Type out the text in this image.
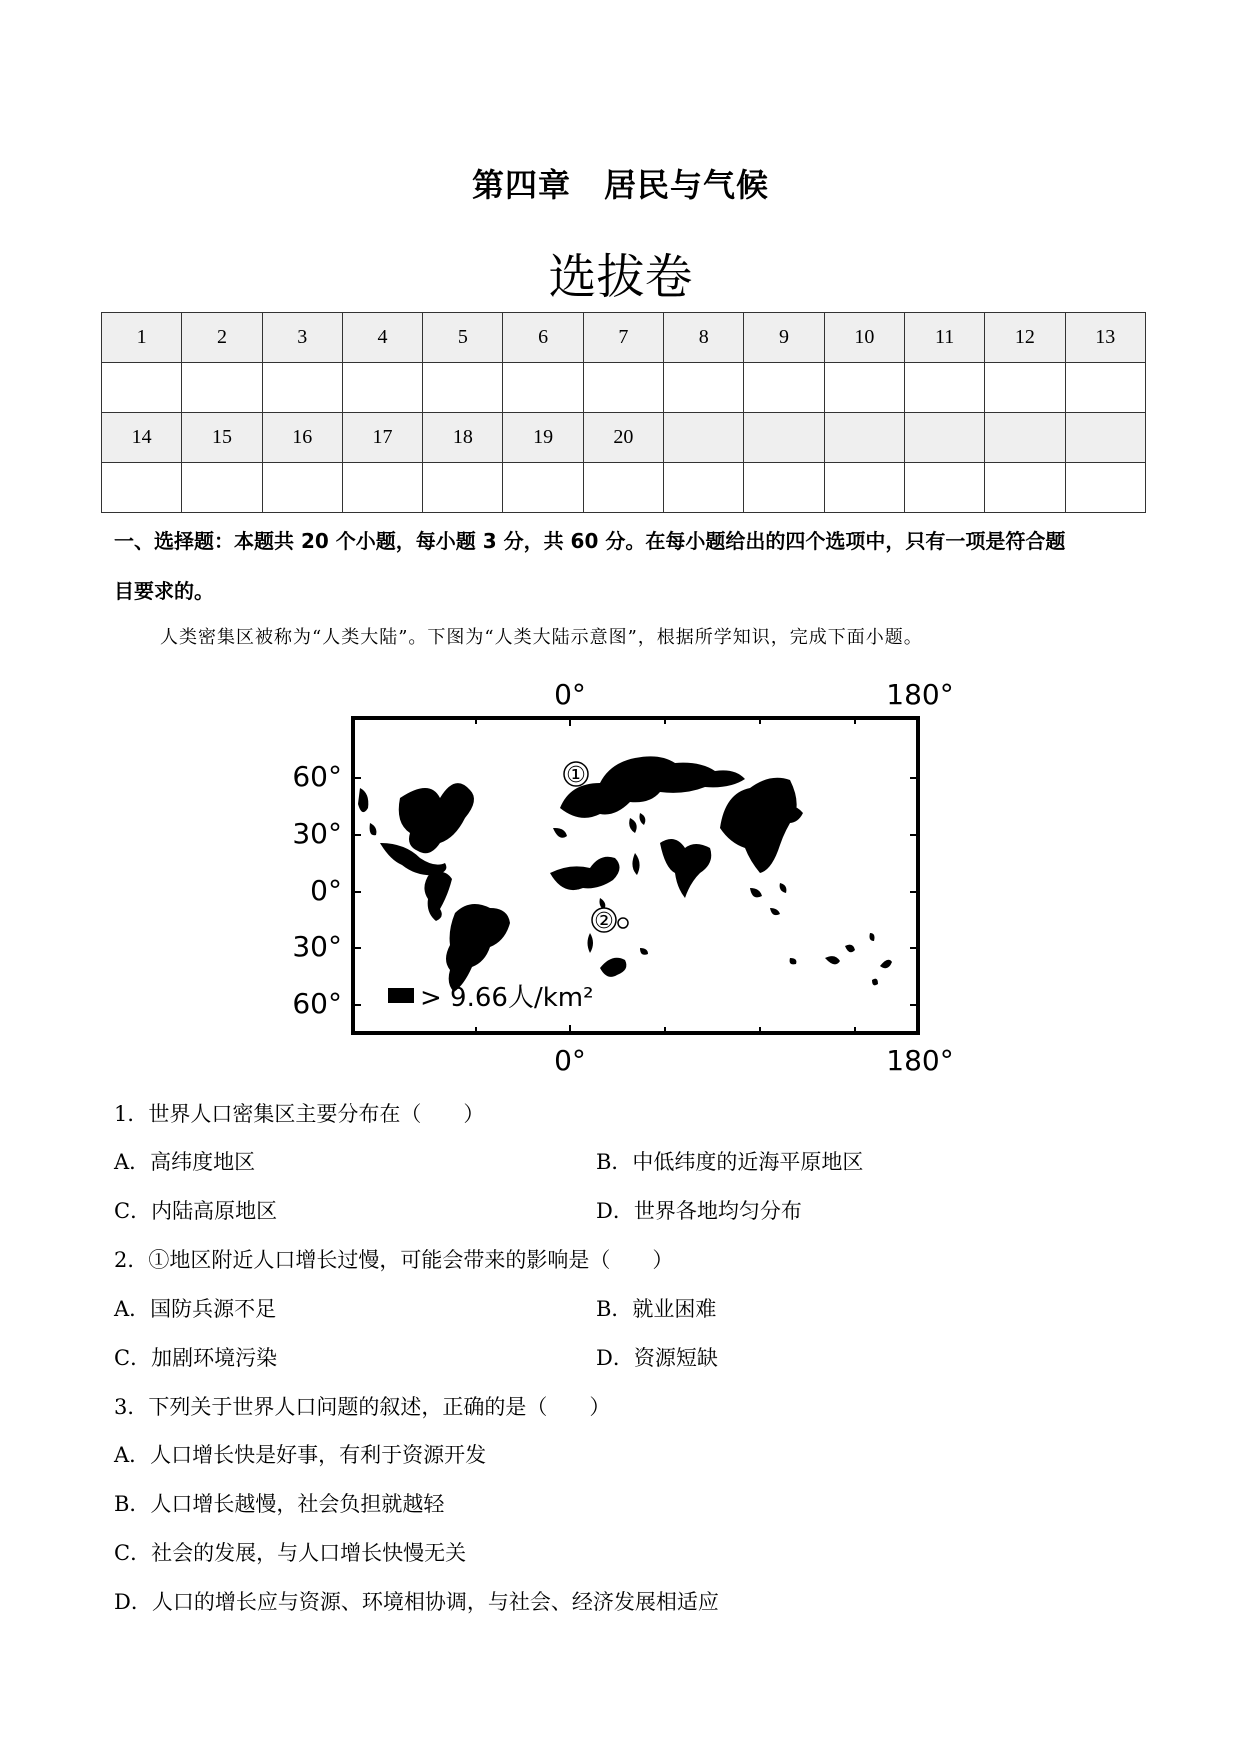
第四章　居民与气候
选拔卷
1	2	3	4	5	6	7	8	9	10	11	12	13

14	15	16	17	18	19	20						

一、选择题：本题共 20 个小题，每小题 3 分，共 60 分。在每小题给出的四个选项中，只有一项是符合题
目要求的。
人类密集区被称为“人类大陆”。下图为“人类大陆示意图”，根据所学知识，完成下面小题。
0°	180°
0°	180°
60°
30°
0°
30°
60°
①
②
> 9.66人/km²
1．世界人口密集区主要分布在（　　）
A．高纬度地区	B．中低纬度的近海平原地区
C．内陆高原地区	D．世界各地均匀分布
2．①地区附近人口增长过慢，可能会带来的影响是（　　）
A．国防兵源不足	B．就业困难
C．加剧环境污染	D．资源短缺
3．下列关于世界人口问题的叙述，正确的是（　　）
A．人口增长快是好事，有利于资源开发
B．人口增长越慢，社会负担就越轻
C．社会的发展，与人口增长快慢无关
D．人口的增长应与资源、环境相协调，与社会、经济发展相适应
